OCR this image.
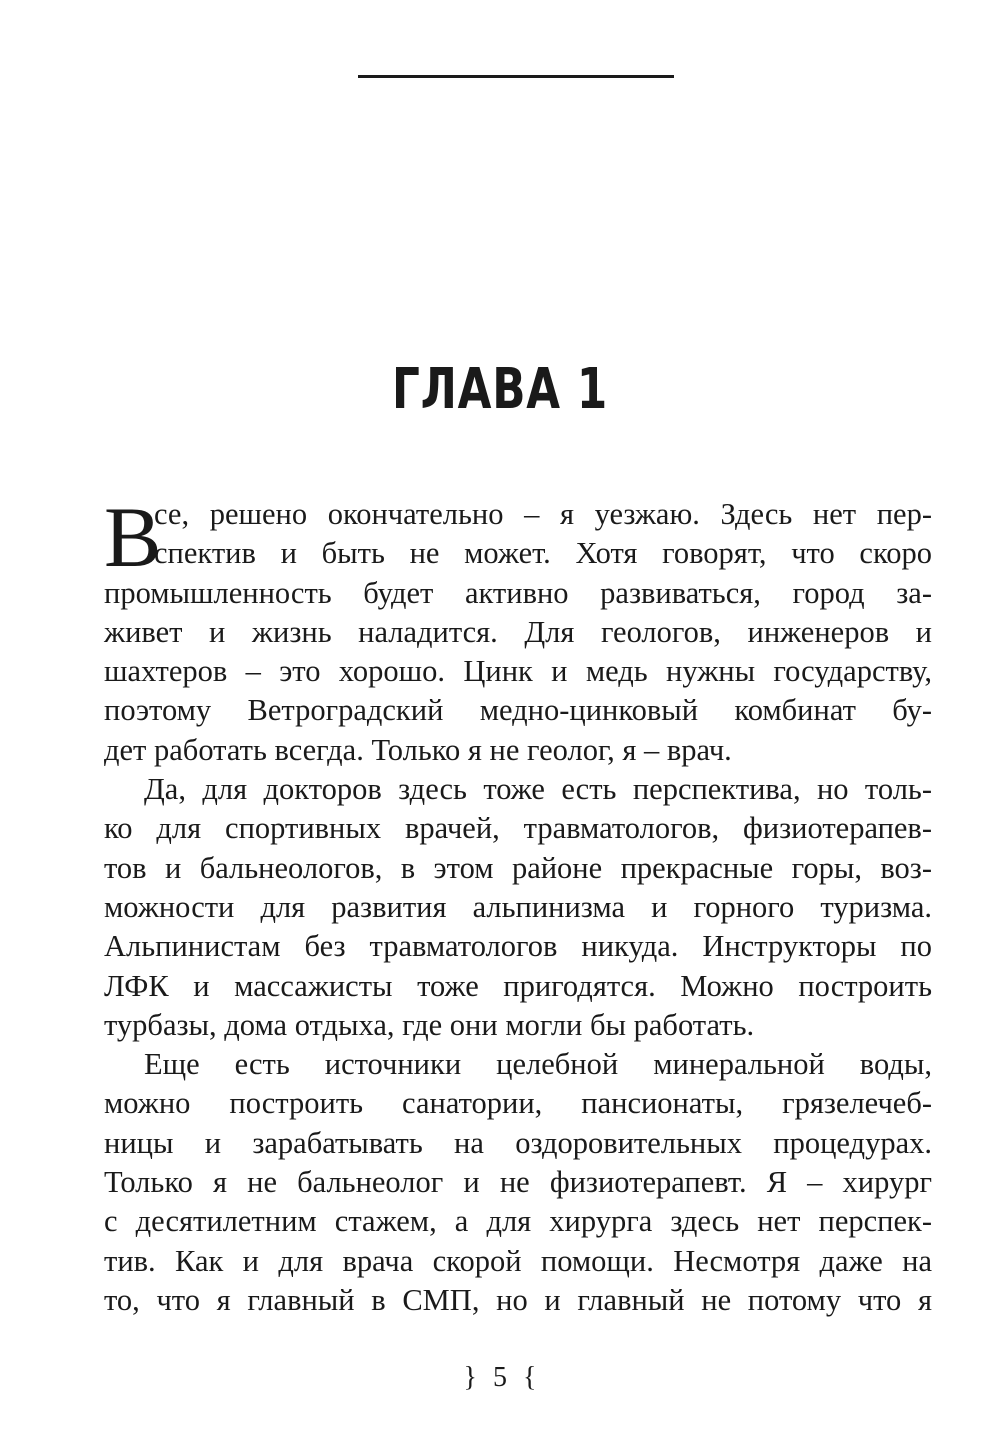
ГЛАВА 1
В
се, решено окончательно – я уезжаю. Здесь нет пер-
спектив и быть не может. Хотя говорят, что скоро
промышленность будет активно развиваться, город за-
живет и жизнь наладится. Для геологов, инженеров и
шахтеров – это хорошо. Цинк и медь нужны государству,
поэтому Ветроградский медно-цинковый комбинат бу-
дет работать всегда. Только я не геолог, я – врач.
Да, для докторов здесь тоже есть перспектива, но толь-
ко для спортивных врачей, травматологов, физиотерапев-
тов и бальнеологов, в этом районе прекрасные горы, воз-
можности для развития альпинизма и горного туризма.
Альпинистам без травматологов никуда. Инструкторы по
ЛФК и массажисты тоже пригодятся. Можно построить
турбазы, дома отдыха, где они могли бы работать.
Еще есть источники целебной минеральной воды,
можно построить санатории, пансионаты, грязелечеб-
ницы и зарабатывать на оздоровительных процедурах.
Только я не бальнеолог и не физиотерапевт. Я – хирург
с десятилетним стажем, а для хирурга здесь нет перспек-
тив. Как и для врача скорой помощи. Несмотря даже на
то, что я главный в СМП, но и главный не потому что я
} 5 {
